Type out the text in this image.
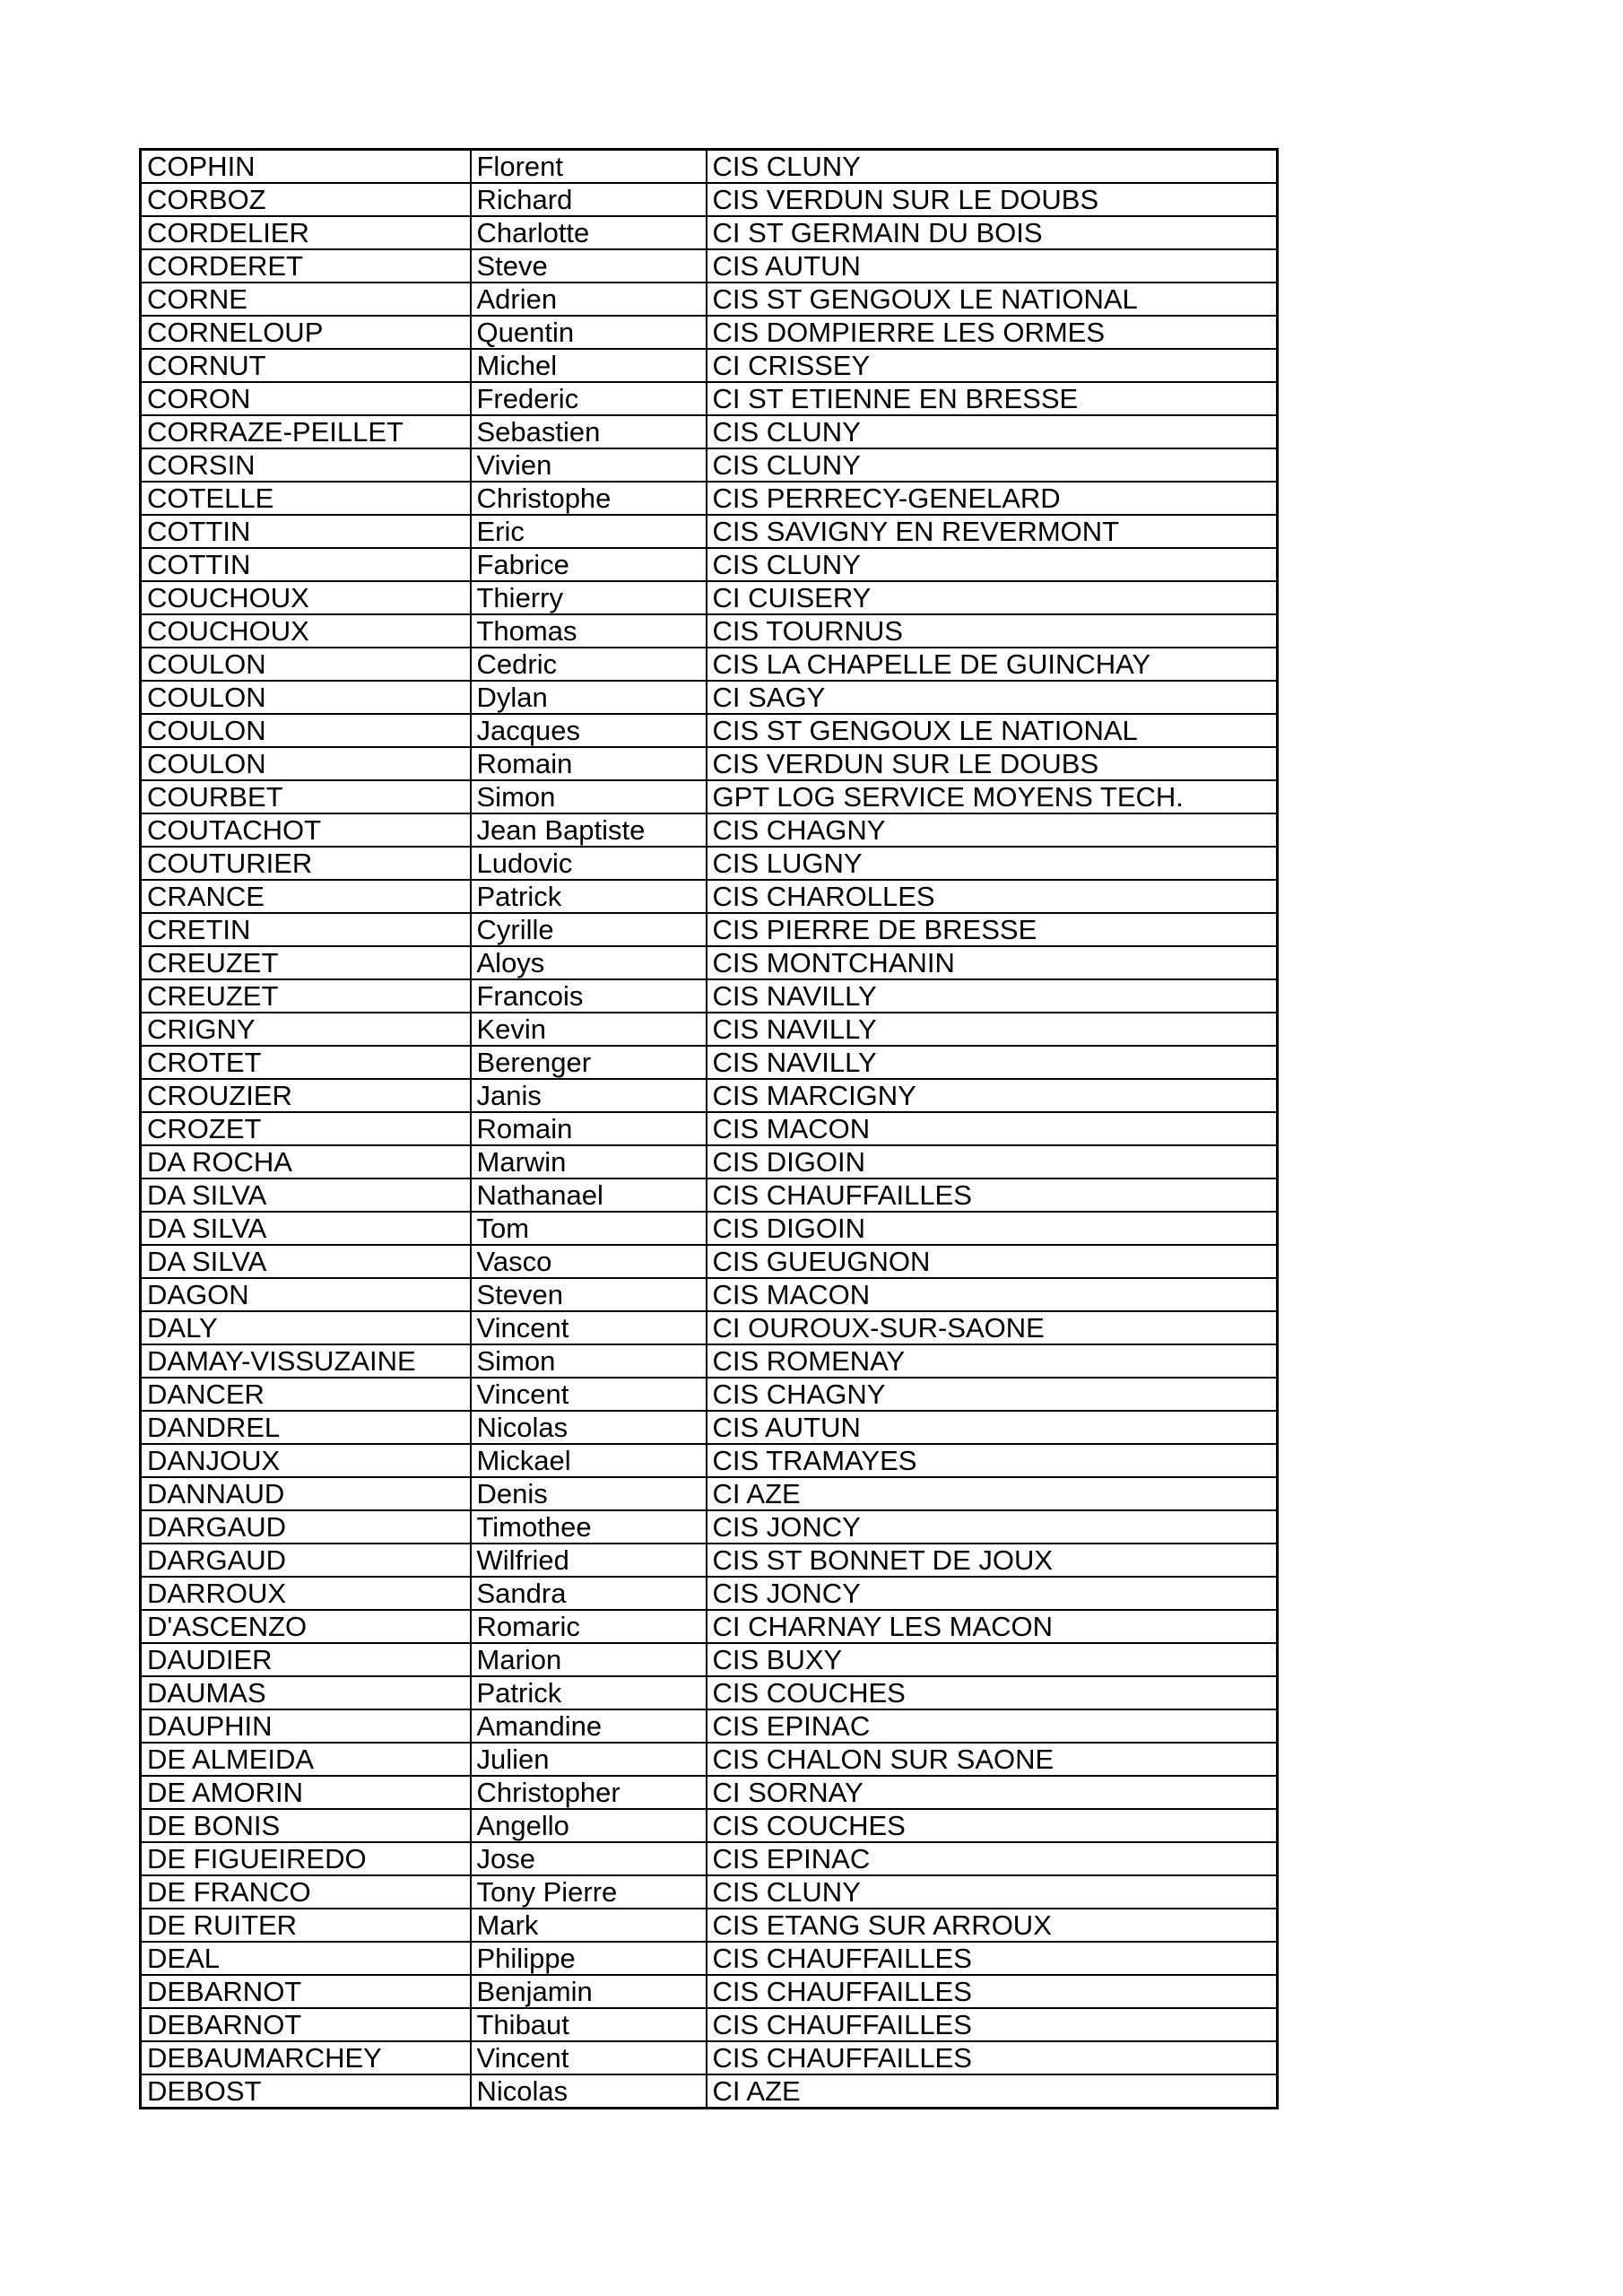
COPHIN	Florent	CIS CLUNY
CORBOZ	Richard	CIS VERDUN SUR LE DOUBS
CORDELIER	Charlotte	CI ST GERMAIN DU BOIS
CORDERET	Steve	CIS AUTUN
CORNE	Adrien	CIS ST GENGOUX LE NATIONAL
CORNELOUP	Quentin	CIS DOMPIERRE LES ORMES
CORNUT	Michel	CI CRISSEY
CORON	Frederic	CI ST ETIENNE EN BRESSE
CORRAZE-PEILLET	Sebastien	CIS CLUNY
CORSIN	Vivien	CIS CLUNY
COTELLE	Christophe	CIS PERRECY-GENELARD
COTTIN	Eric	CIS SAVIGNY EN REVERMONT
COTTIN	Fabrice	CIS CLUNY
COUCHOUX	Thierry	CI CUISERY
COUCHOUX	Thomas	CIS TOURNUS
COULON	Cedric	CIS LA CHAPELLE DE GUINCHAY
COULON	Dylan	CI SAGY
COULON	Jacques	CIS ST GENGOUX LE NATIONAL
COULON	Romain	CIS VERDUN SUR LE DOUBS
COURBET	Simon	GPT LOG SERVICE MOYENS TECH.
COUTACHOT	Jean Baptiste	CIS CHAGNY
COUTURIER	Ludovic	CIS LUGNY
CRANCE	Patrick	CIS CHAROLLES
CRETIN	Cyrille	CIS PIERRE DE BRESSE
CREUZET	Aloys	CIS MONTCHANIN
CREUZET	Francois	CIS NAVILLY
CRIGNY	Kevin	CIS NAVILLY
CROTET	Berenger	CIS NAVILLY
CROUZIER	Janis	CIS MARCIGNY
CROZET	Romain	CIS MACON
DA ROCHA	Marwin	CIS DIGOIN
DA SILVA	Nathanael	CIS CHAUFFAILLES
DA SILVA	Tom	CIS DIGOIN
DA SILVA	Vasco	CIS GUEUGNON
DAGON	Steven	CIS MACON
DALY	Vincent	CI OUROUX-SUR-SAONE
DAMAY-VISSUZAINE	Simon	CIS ROMENAY
DANCER	Vincent	CIS CHAGNY
DANDREL	Nicolas	CIS AUTUN
DANJOUX	Mickael	CIS TRAMAYES
DANNAUD	Denis	CI AZE
DARGAUD	Timothee	CIS JONCY
DARGAUD	Wilfried	CIS ST BONNET DE JOUX
DARROUX	Sandra	CIS JONCY
D'ASCENZO	Romaric	CI CHARNAY LES MACON
DAUDIER	Marion	CIS BUXY
DAUMAS	Patrick	CIS COUCHES
DAUPHIN	Amandine	CIS EPINAC
DE ALMEIDA	Julien	CIS CHALON SUR SAONE
DE AMORIN	Christopher	CI SORNAY
DE BONIS	Angello	CIS COUCHES
DE FIGUEIREDO	Jose	CIS EPINAC
DE FRANCO	Tony Pierre	CIS CLUNY
DE RUITER	Mark	CIS ETANG SUR ARROUX
DEAL	Philippe	CIS CHAUFFAILLES
DEBARNOT	Benjamin	CIS CHAUFFAILLES
DEBARNOT	Thibaut	CIS CHAUFFAILLES
DEBAUMARCHEY	Vincent	CIS CHAUFFAILLES
DEBOST	Nicolas	CI AZE
